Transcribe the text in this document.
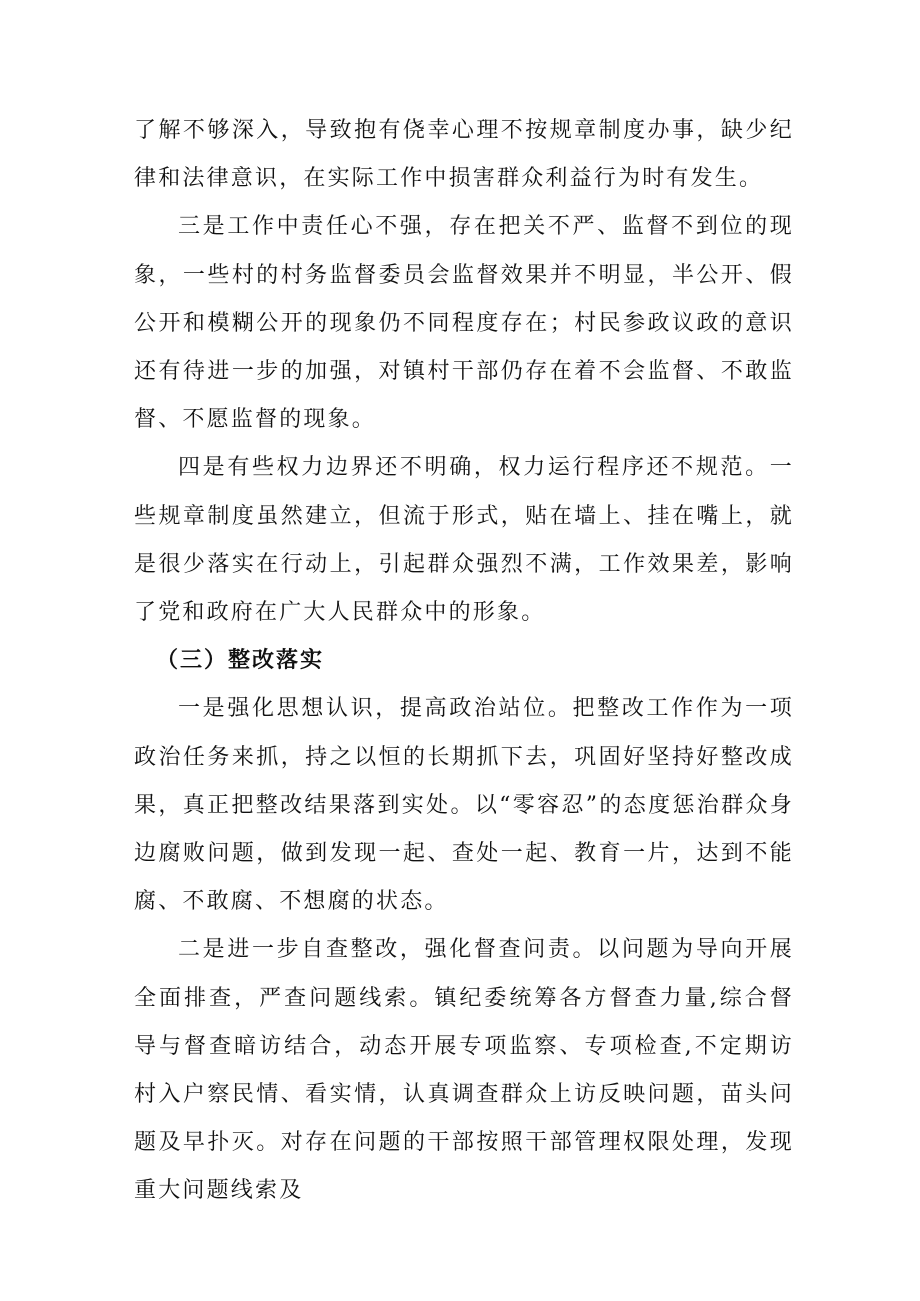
了解不够深入，导致抱有侥幸心理不按规章制度办事，缺少纪律和法律意识，在实际工作中损害群众利益行为时有发生。

三是工作中责任心不强，存在把关不严、监督不到位的现象，一些村的村务监督委员会监督效果并不明显，半公开、假公开和模糊公开的现象仍不同程度存在；村民参政议政的意识还有待进一步的加强，对镇村干部仍存在着不会监督、不敢监督、不愿监督的现象。

四是有些权力边界还不明确，权力运行程序还不规范。一些规章制度虽然建立，但流于形式，贴在墙上、挂在嘴上，就是很少落实在行动上，引起群众强烈不满，工作效果差，影响了党和政府在广大人民群众中的形象。

（三）整改落实

一是强化思想认识，提高政治站位。把整改工作作为一项政治任务来抓，持之以恒的长期抓下去，巩固好坚持好整改成果，真正把整改结果落到实处。以“零容忍”的态度惩治群众身边腐败问题，做到发现一起、查处一起、教育一片，达到不能腐、不敢腐、不想腐的状态。

二是进一步自查整改，强化督查问责。以问题为导向开展全面排查，严查问题线索。镇纪委统筹各方督查力量,综合督导与督查暗访结合，动态开展专项监察、专项检查,不定期访村入户察民情、看实情，认真调查群众上访反映问题，苗头问题及早扑灭。对存在问题的干部按照干部管理权限处理，发现重大问题线索及
